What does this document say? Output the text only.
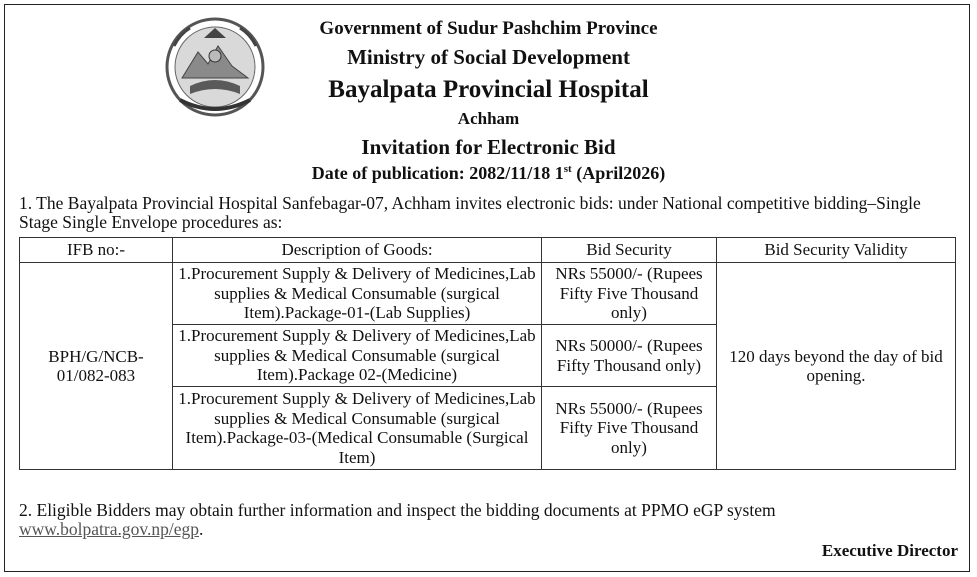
Government of Sudur Pashchim Province
Ministry of Social Development
Bayalpata Provincial Hospital
Achham
Invitation for Electronic Bid
Date of publication: 2082/11/18 1st (April2026)
1. The Bayalpata Provincial Hospital Sanfebagar-07, Achham invites electronic bids: under National competitive bidding–Single Stage Single Envelope procedures as:
IFB no:-	Description of Goods:	Bid Security	Bid Security Validity
BPH/G/NCB-01/082-083	1.Procurement Supply & Delivery of Medicines,Lab supplies & Medical Consumable (surgical Item).Package-01-(Lab Supplies)	NRs 55000/- (Rupees Fifty Five Thousand only)	120 days beyond the day of bid opening.
	1.Procurement Supply & Delivery of Medicines,Lab supplies & Medical Consumable (surgical Item).Package 02-(Medicine)	NRs 50000/- (Rupees Fifty Thousand only)	
	1.Procurement Supply & Delivery of Medicines,Lab supplies & Medical Consumable (surgical Item).Package-03-(Medical Consumable (Surgical Item)	NRs 55000/- (Rupees Fifty Five Thousand only)	
2. Eligible Bidders may obtain further information and inspect the bidding documents at PPMO eGP system www.bolpatra.gov.np/egp.
Executive Director
